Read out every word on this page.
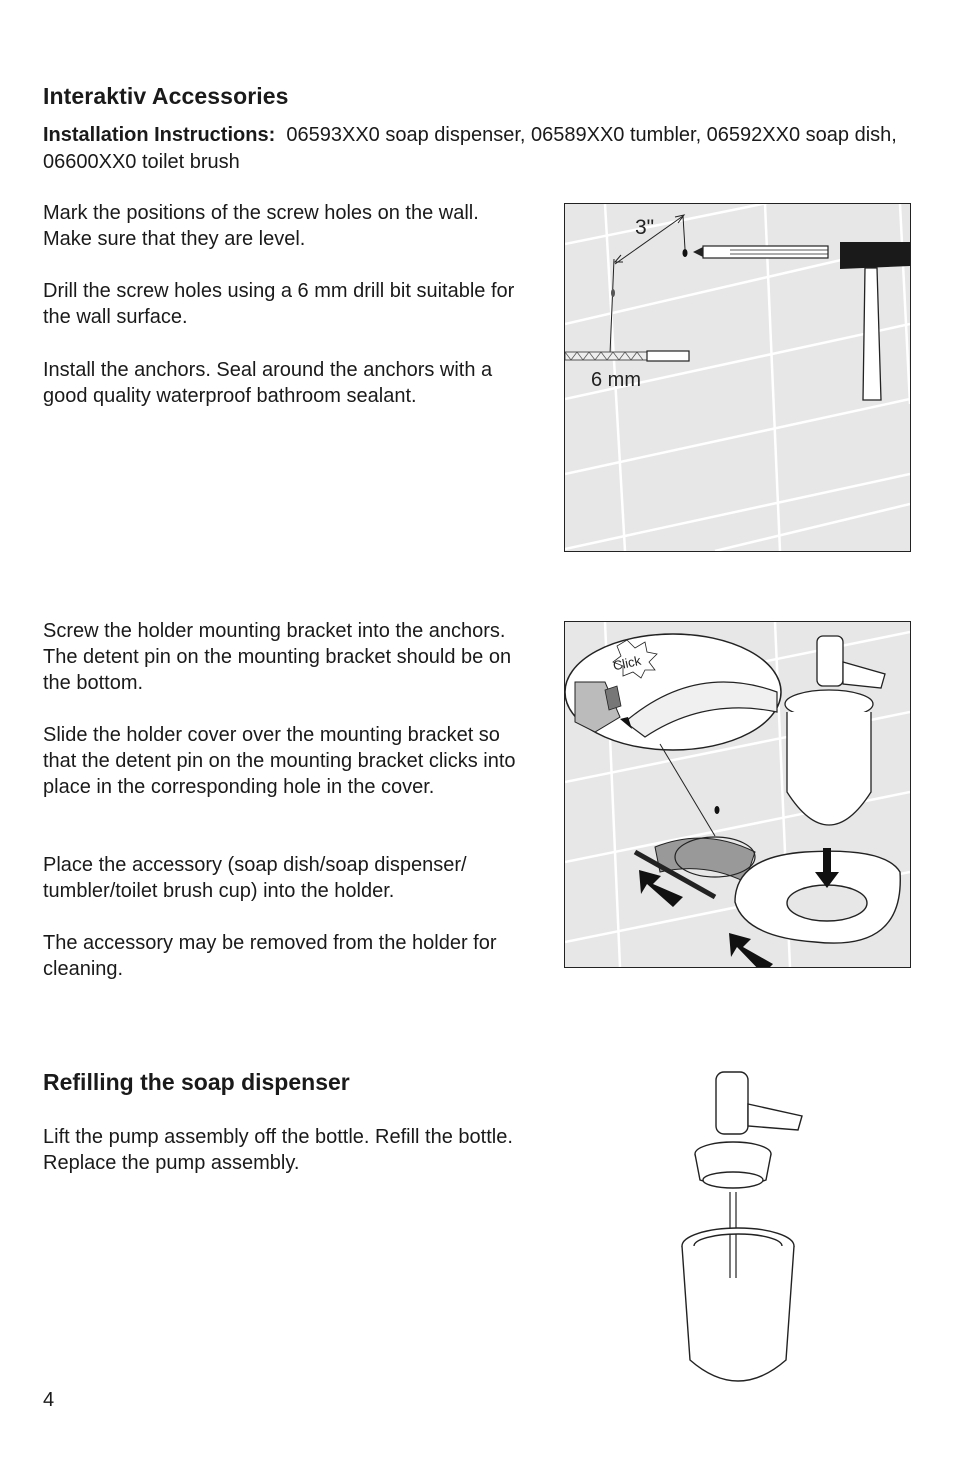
Interaktiv Accessories
Installation Instructions: 06593XX0 soap dispenser, 06589XX0 tumbler, 06592XX0 soap dish, 06600XX0 toilet brush

Mark the positions of the screw holes on the wall. Make sure that they are level.

Drill the screw holes using a 6 mm drill bit suitable for the wall surface.

Install the anchors. Seal around the anchors with a good quality waterproof bathroom sealant.

3"
6 mm

Screw the holder mounting bracket into the anchors. The detent pin on the mounting bracket should be on the bottom.

Slide the holder cover over the mounting bracket so that the detent pin on the mounting bracket clicks into place in the corresponding hole in the cover.

Place the accessory (soap dish/soap dispenser/ tumbler/toilet brush cup) into the holder.

The accessory may be removed from the holder for cleaning.

Click
Refilling the soap dispenser

Lift the pump assembly off the bottle. Refill the bottle. Replace the pump assembly.

4
